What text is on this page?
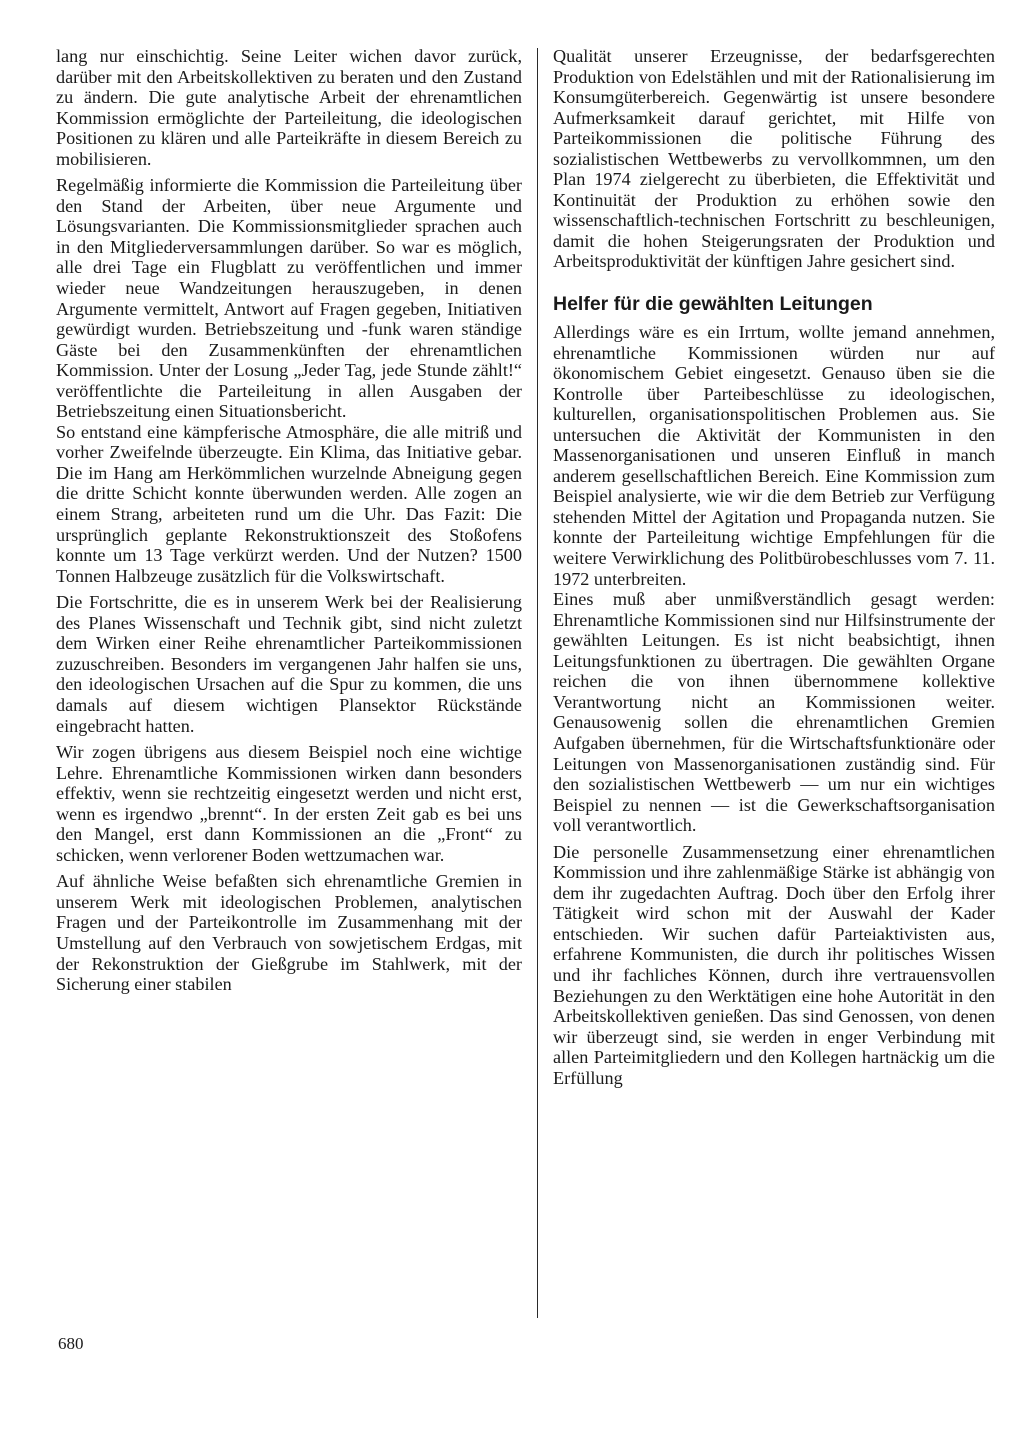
lang nur einschichtig. Seine Leiter wichen davor zurück, darüber mit den Arbeitskollektiven zu beraten und den Zustand zu ändern. Die gute analytische Arbeit der ehrenamtlichen Kommission ermöglichte der Parteileitung, die ideologischen Positionen zu klären und alle Parteikräfte in diesem Bereich zu mobilisieren.

Regelmäßig informierte die Kommission die Parteileitung über den Stand der Arbeiten, über neue Argumente und Lösungsvarianten. Die Kommissionsmitglieder sprachen auch in den Mitgliederversammlungen darüber. So war es möglich, alle drei Tage ein Flugblatt zu veröffentlichen und immer wieder neue Wandzeitungen herauszugeben, in denen Argumente vermittelt, Antwort auf Fragen gegeben, Initiativen gewürdigt wurden. Betriebszeitung und -funk waren ständige Gäste bei den Zusammenkünften der ehrenamtlichen Kommission. Unter der Losung „Jeder Tag, jede Stunde zählt!“ veröffentlichte die Parteileitung in allen Ausgaben der Betriebszeitung einen Situationsbericht.

So entstand eine kämpferische Atmosphäre, die alle mitriß und vorher Zweifelnde überzeugte. Ein Klima, das Initiative gebar. Die im Hang am Herkömmlichen wurzelnde Abneigung gegen die dritte Schicht konnte überwunden werden. Alle zogen an einem Strang, arbeiteten rund um die Uhr. Das Fazit: Die ursprünglich geplante Rekonstruktionszeit des Stoßofens konnte um 13 Tage verkürzt werden. Und der Nutzen? 1500 Tonnen Halbzeuge zusätzlich für die Volkswirtschaft.

Die Fortschritte, die es in unserem Werk bei der Realisierung des Planes Wissenschaft und Technik gibt, sind nicht zuletzt dem Wirken einer Reihe ehrenamtlicher Parteikommissionen zuzuschreiben. Besonders im vergangenen Jahr halfen sie uns, den ideologischen Ursachen auf die Spur zu kommen, die uns damals auf diesem wichtigen Plansektor Rückstände eingebracht hatten.

Wir zogen übrigens aus diesem Beispiel noch eine wichtige Lehre. Ehrenamtliche Kommissionen wirken dann besonders effektiv, wenn sie rechtzeitig eingesetzt werden und nicht erst, wenn es irgendwo „brennt“. In der ersten Zeit gab es bei uns den Mangel, erst dann Kommissionen an die „Front“ zu schicken, wenn verlorener Boden wettzumachen war.

Auf ähnliche Weise befaßten sich ehrenamtliche Gremien in unserem Werk mit ideologischen Problemen, analytischen Fragen und der Parteikontrolle im Zusammenhang mit der Umstellung auf den Verbrauch von sowjetischem Erdgas, mit der Rekonstruktion der Gießgrube im Stahlwerk, mit der Sicherung einer stabilen

Qualität unserer Erzeugnisse, der bedarfsgerechten Produktion von Edelstählen und mit der Rationalisierung im Konsumgüterbereich. Gegenwärtig ist unsere besondere Aufmerksamkeit darauf gerichtet, mit Hilfe von Parteikommissionen die politische Führung des sozialistischen Wettbewerbs zu vervollkommnen, um den Plan 1974 zielgerecht zu überbieten, die Effektivität und Kontinuität der Produktion zu erhöhen sowie den wissenschaftlich-technischen Fortschritt zu beschleunigen, damit die hohen Steigerungsraten der Produktion und Arbeitsproduktivität der künftigen Jahre gesichert sind.

Helfer für die gewählten Leitungen

Allerdings wäre es ein Irrtum, wollte jemand annehmen, ehrenamtliche Kommissionen würden nur auf ökonomischem Gebiet eingesetzt. Genauso üben sie die Kontrolle über Parteibeschlüsse zu ideologischen, kulturellen, organisationspolitischen Problemen aus. Sie untersuchen die Aktivität der Kommunisten in den Massenorganisationen und unseren Einfluß in manch anderem gesellschaftlichen Bereich. Eine Kommission zum Beispiel analysierte, wie wir die dem Betrieb zur Verfügung stehenden Mittel der Agitation und Propaganda nutzen. Sie konnte der Parteileitung wichtige Empfehlungen für die weitere Verwirklichung des Politbürobeschlusses vom 7. 11. 1972 unterbreiten.

Eines muß aber unmißverständlich gesagt werden: Ehrenamtliche Kommissionen sind nur Hilfsinstrumente der gewählten Leitungen. Es ist nicht beabsichtigt, ihnen Leitungsfunktionen zu übertragen. Die gewählten Organe reichen die von ihnen übernommene kollektive Verantwortung nicht an Kommissionen weiter. Genausowenig sollen die ehrenamtlichen Gremien Aufgaben übernehmen, für die Wirtschaftsfunktionäre oder Leitungen von Massenorganisationen zuständig sind. Für den sozialistischen Wettbewerb — um nur ein wichtiges Beispiel zu nennen — ist die Gewerkschaftsorganisation voll verantwortlich.

Die personelle Zusammensetzung einer ehrenamtlichen Kommission und ihre zahlenmäßige Stärke ist abhängig von dem ihr zugedachten Auftrag. Doch über den Erfolg ihrer Tätigkeit wird schon mit der Auswahl der Kader entschieden. Wir suchen dafür Parteiaktivisten aus, erfahrene Kommunisten, die durch ihr politisches Wissen und ihr fachliches Können, durch ihre vertrauensvollen Beziehungen zu den Werktätigen eine hohe Autorität in den Arbeitskollektiven genießen. Das sind Genossen, von denen wir überzeugt sind, sie werden in enger Verbindung mit allen Parteimitgliedern und den Kollegen hartnäckig um die Erfüllung

680
